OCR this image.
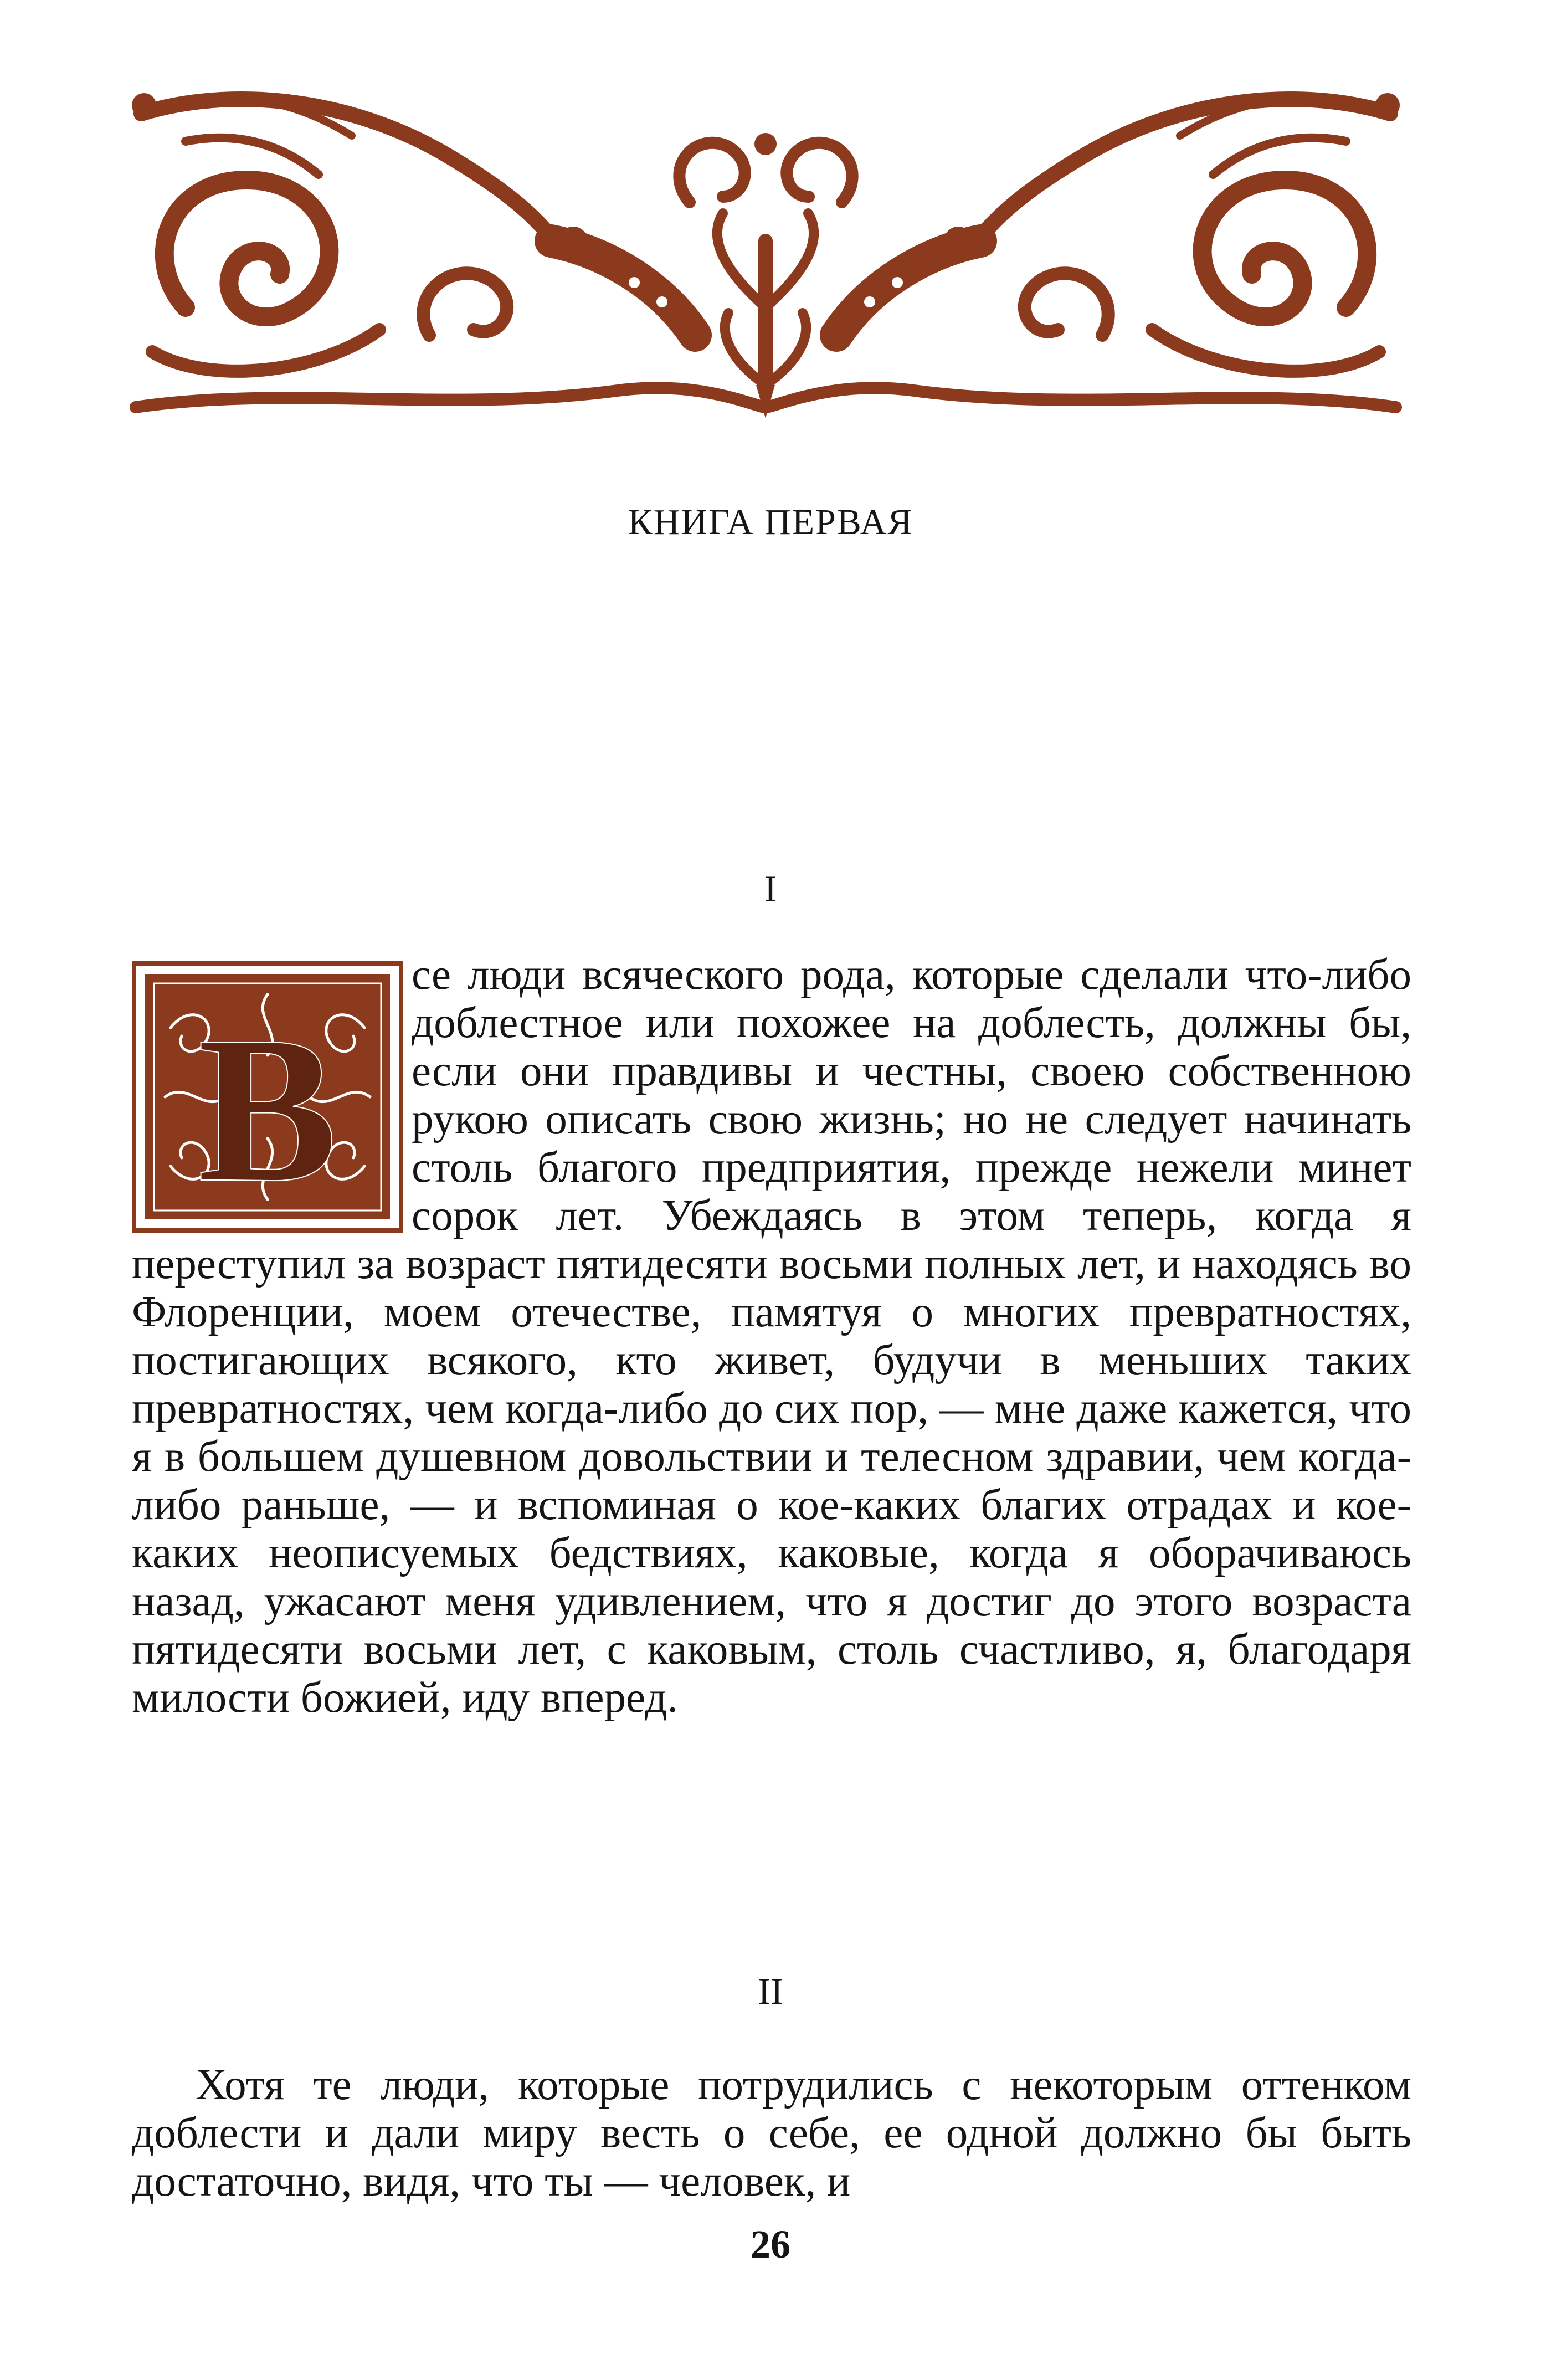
КНИГА ПЕРВАЯ
I
В

се люди всяческого рода, которые сделали что-либо доблестное или похожее на доблесть, должны бы, если они правдивы и честны, своею собственною рукою описать свою жизнь; но не следует начинать столь благого предприятия, прежде нежели минет сорок лет. Убеждаясь в этом теперь, когда я переступил за возраст пятидесяти восьми полных лет, и находясь во Флоренции, моем отечестве, памятуя о многих превратностях, постигающих всякого, кто живет, будучи в меньших таких превратностях, чем когда-либо до сих пор, — мне даже кажется, что я в большем душевном довольствии и телесном здравии, чем когда-либо раньше, — и вспоминая о кое-каких благих отрадах и кое-каких неописуемых бедствиях, каковые, когда я оборачиваюсь назад, ужасают меня удивлением, что я достиг до этого возраста пятидесяти восьми лет, с каковым, столь счастливо, я, благодаря милости божией, иду вперед.

II

Хотя те люди, которые потрудились с некоторым оттенком доблести и дали миру весть о себе, ее одной должно бы быть достаточно, видя, что ты — человек, и

26
